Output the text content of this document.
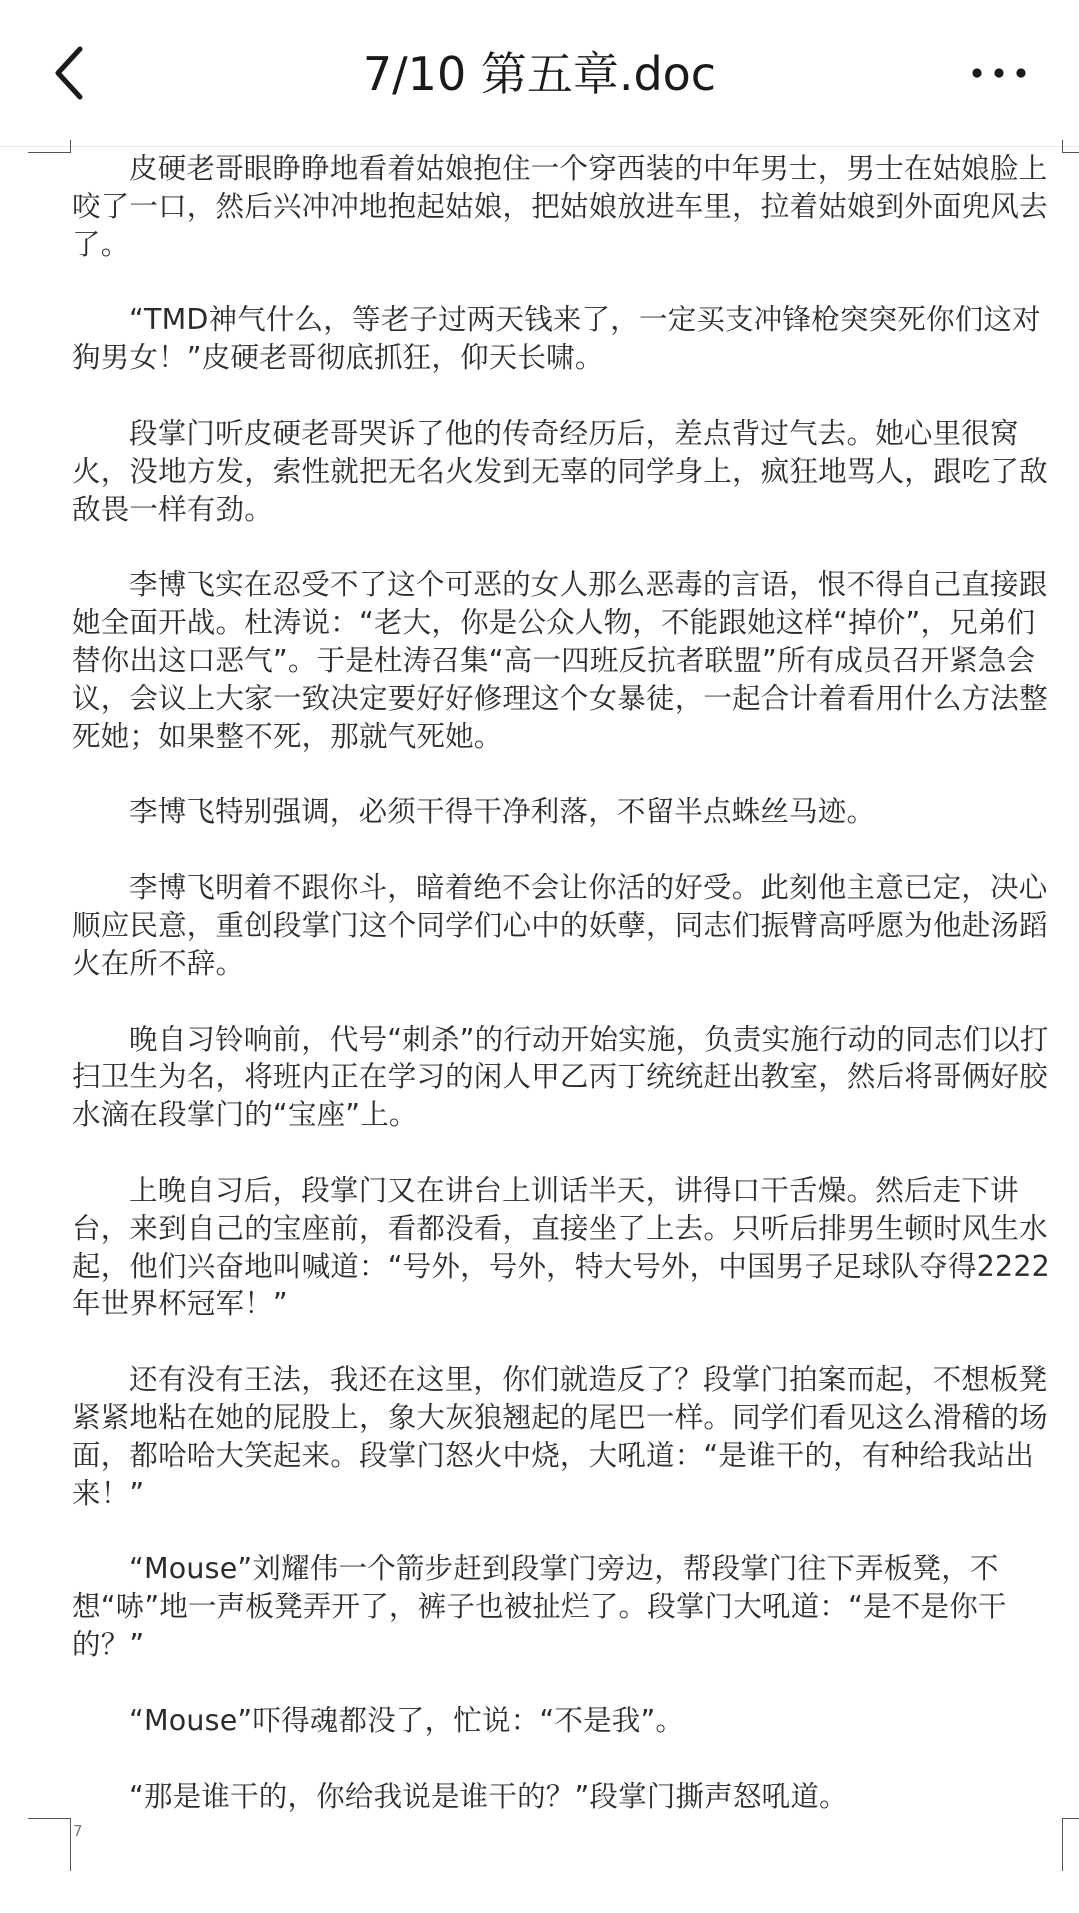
7/10 第五章.doc

皮硬老哥眼睁睁地看着姑娘抱住一个穿西装的中年男士，男士在姑娘脸上咬了一口，然后兴冲冲地抱起姑娘，把姑娘放进车里，拉着姑娘到外面兜风去了。

“TMD神气什么，等老子过两天钱来了，一定买支冲锋枪突突死你们这对狗男女！”皮硬老哥彻底抓狂，仰天长啸。

段掌门听皮硬老哥哭诉了他的传奇经历后，差点背过气去。她心里很窝火，没地方发，索性就把无名火发到无辜的同学身上，疯狂地骂人，跟吃了敌敌畏一样有劲。

李博飞实在忍受不了这个可恶的女人那么恶毒的言语，恨不得自己直接跟她全面开战。杜涛说：“老大，你是公众人物，不能跟她这样“掉价”，兄弟们替你出这口恶气”。于是杜涛召集“高一四班反抗者联盟”所有成员召开紧急会议，会议上大家一致决定要好好修理这个女暴徒，一起合计着看用什么方法整死她；如果整不死，那就气死她。

李博飞特别强调，必须干得干净利落，不留半点蛛丝马迹。

李博飞明着不跟你斗，暗着绝不会让你活的好受。此刻他主意已定，决心顺应民意，重创段掌门这个同学们心中的妖孽，同志们振臂高呼愿为他赴汤蹈火在所不辞。

晚自习铃响前，代号“刺杀”的行动开始实施，负责实施行动的同志们以打扫卫生为名，将班内正在学习的闲人甲乙丙丁统统赶出教室，然后将哥俩好胶水滴在段掌门的“宝座”上。

上晚自习后，段掌门又在讲台上训话半天，讲得口干舌燥。然后走下讲台，来到自己的宝座前，看都没看，直接坐了上去。只听后排男生顿时风生水起，他们兴奋地叫喊道：“号外，号外，特大号外，中国男子足球队夺得2222年世界杯冠军！”

还有没有王法，我还在这里，你们就造反了？段掌门拍案而起，不想板凳紧紧地粘在她的屁股上，象大灰狼翘起的尾巴一样。同学们看见这么滑稽的场面，都哈哈大笑起来。段掌门怒火中烧，大吼道：“是谁干的，有种给我站出来！”

“Mouse”刘耀伟一个箭步赶到段掌门旁边，帮段掌门往下弄板凳，不想“哧”地一声板凳弄开了，裤子也被扯烂了。段掌门大吼道：“是不是你干的？”

“Mouse”吓得魂都没了，忙说：“不是我”。

“那是谁干的，你给我说是谁干的？”段掌门撕声怒吼道。

7
